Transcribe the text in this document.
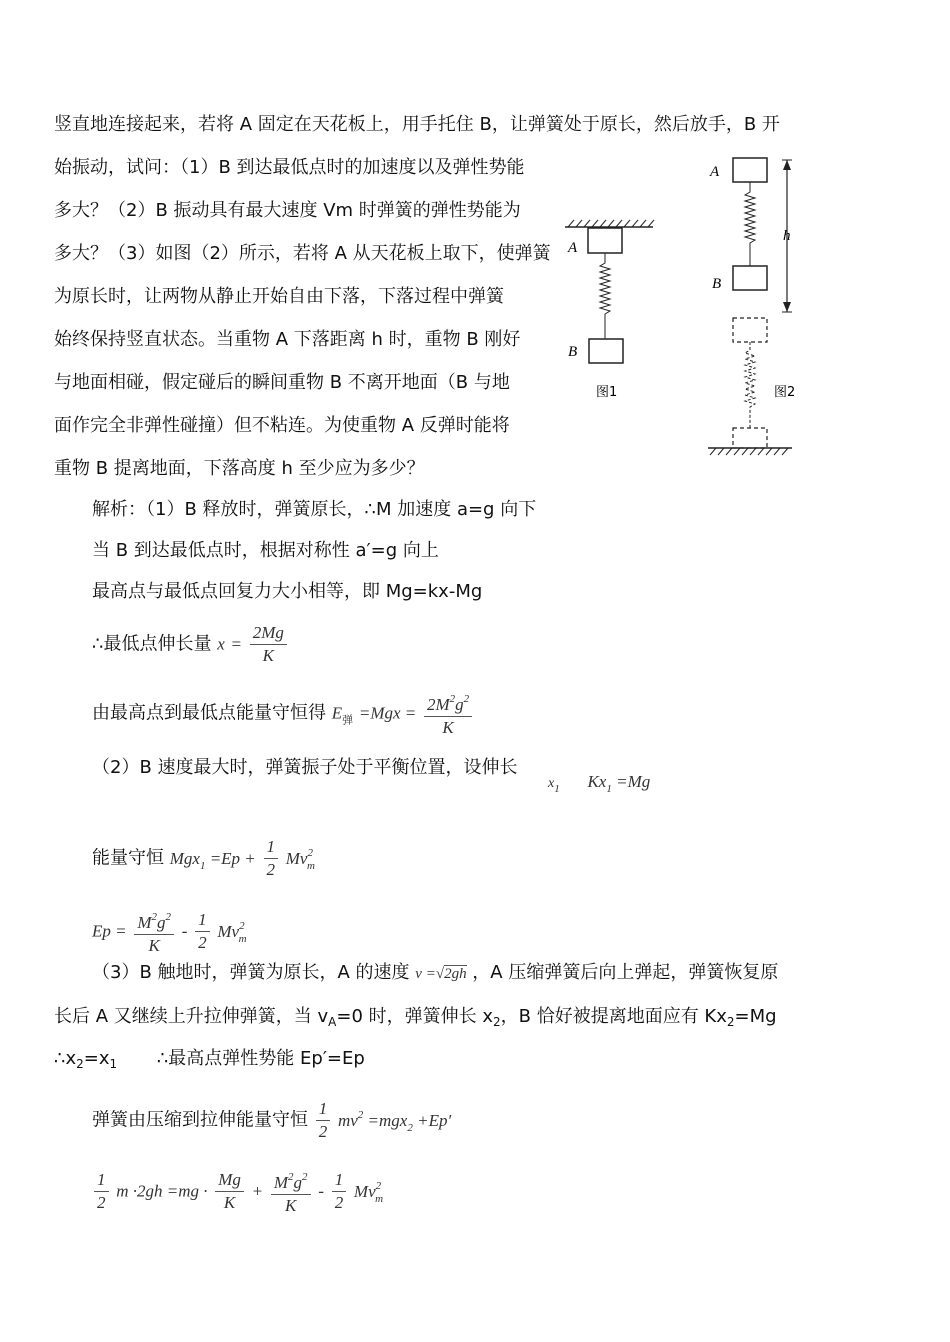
竖直地连接起来，若将 A 固定在天花板上，用手托住 B，让弹簧处于原长，然后放手，B 开
始振动，试问：（1）B 到达最低点时的加速度以及弹性势能
多大？（2）B 振动具有最大速度 Vm 时弹簧的弹性势能为
多大？（3）如图（2）所示，若将 A 从天花板上取下，使弹簧
为原长时，让两物从静止开始自由下落，下落过程中弹簧
始终保持竖直状态。当重物 A 下落距离 h 时，重物 B 刚好
与地面相碰，假定碰后的瞬间重物 B 不离开地面（B 与地
面作完全非弹性碰撞）但不粘连。为使重物 A 反弹时能将
重物 B 提离地面，下落高度 h 至少应为多少？
A
B
图1
A
B
h
图2
解析：（1）B 释放时，弹簧原长，∴M 加速度 a=g 向下
当 B 到达最低点时，根据对称性 a′=g 向上
最高点与最低点回复力大小相等，即 Mg=kx-Mg
∴最低点伸长量 $x = \frac{2Mg}{K}$
由最高点到最低点能量守恒得 $E_弹 =Mgx = \frac{2M^2g^2}{K}$
（2）B 速度最大时，弹簧振子处于平衡位置，设伸长
$x_1$ $Kx_1 =Mg$
能量守恒 $Mgx_1 =Ep + \frac{1}{2} Mv^2_m$
$Ep = \frac{M^2g^2}{K} - \frac{1}{2} Mv^2_m$
（3）B 触地时，弹簧为原长，A 的速度 v =√2gh ，A 压缩弹簧后向上弹起，弹簧恢复原
长后 A 又继续上升拉伸弹簧，当 $v_A=0$ 时，弹簧伸长 $x_2$，B 恰好被提离地面应有 $Kx_2=Mg$
$\therefore x_2=x_1$ ∴最高点弹性势能 Ep′=Ep
弹簧由压缩到拉伸能量守恒 $\frac{1}{2} mv^2 =mgx_2 +Ep'$
$\frac{1}{2}$ $m \cdot 2gh =mg \cdot \frac{Mg}{K} + \frac{M^2g^2}{K} - \frac{1}{2} Mv^2_m$
